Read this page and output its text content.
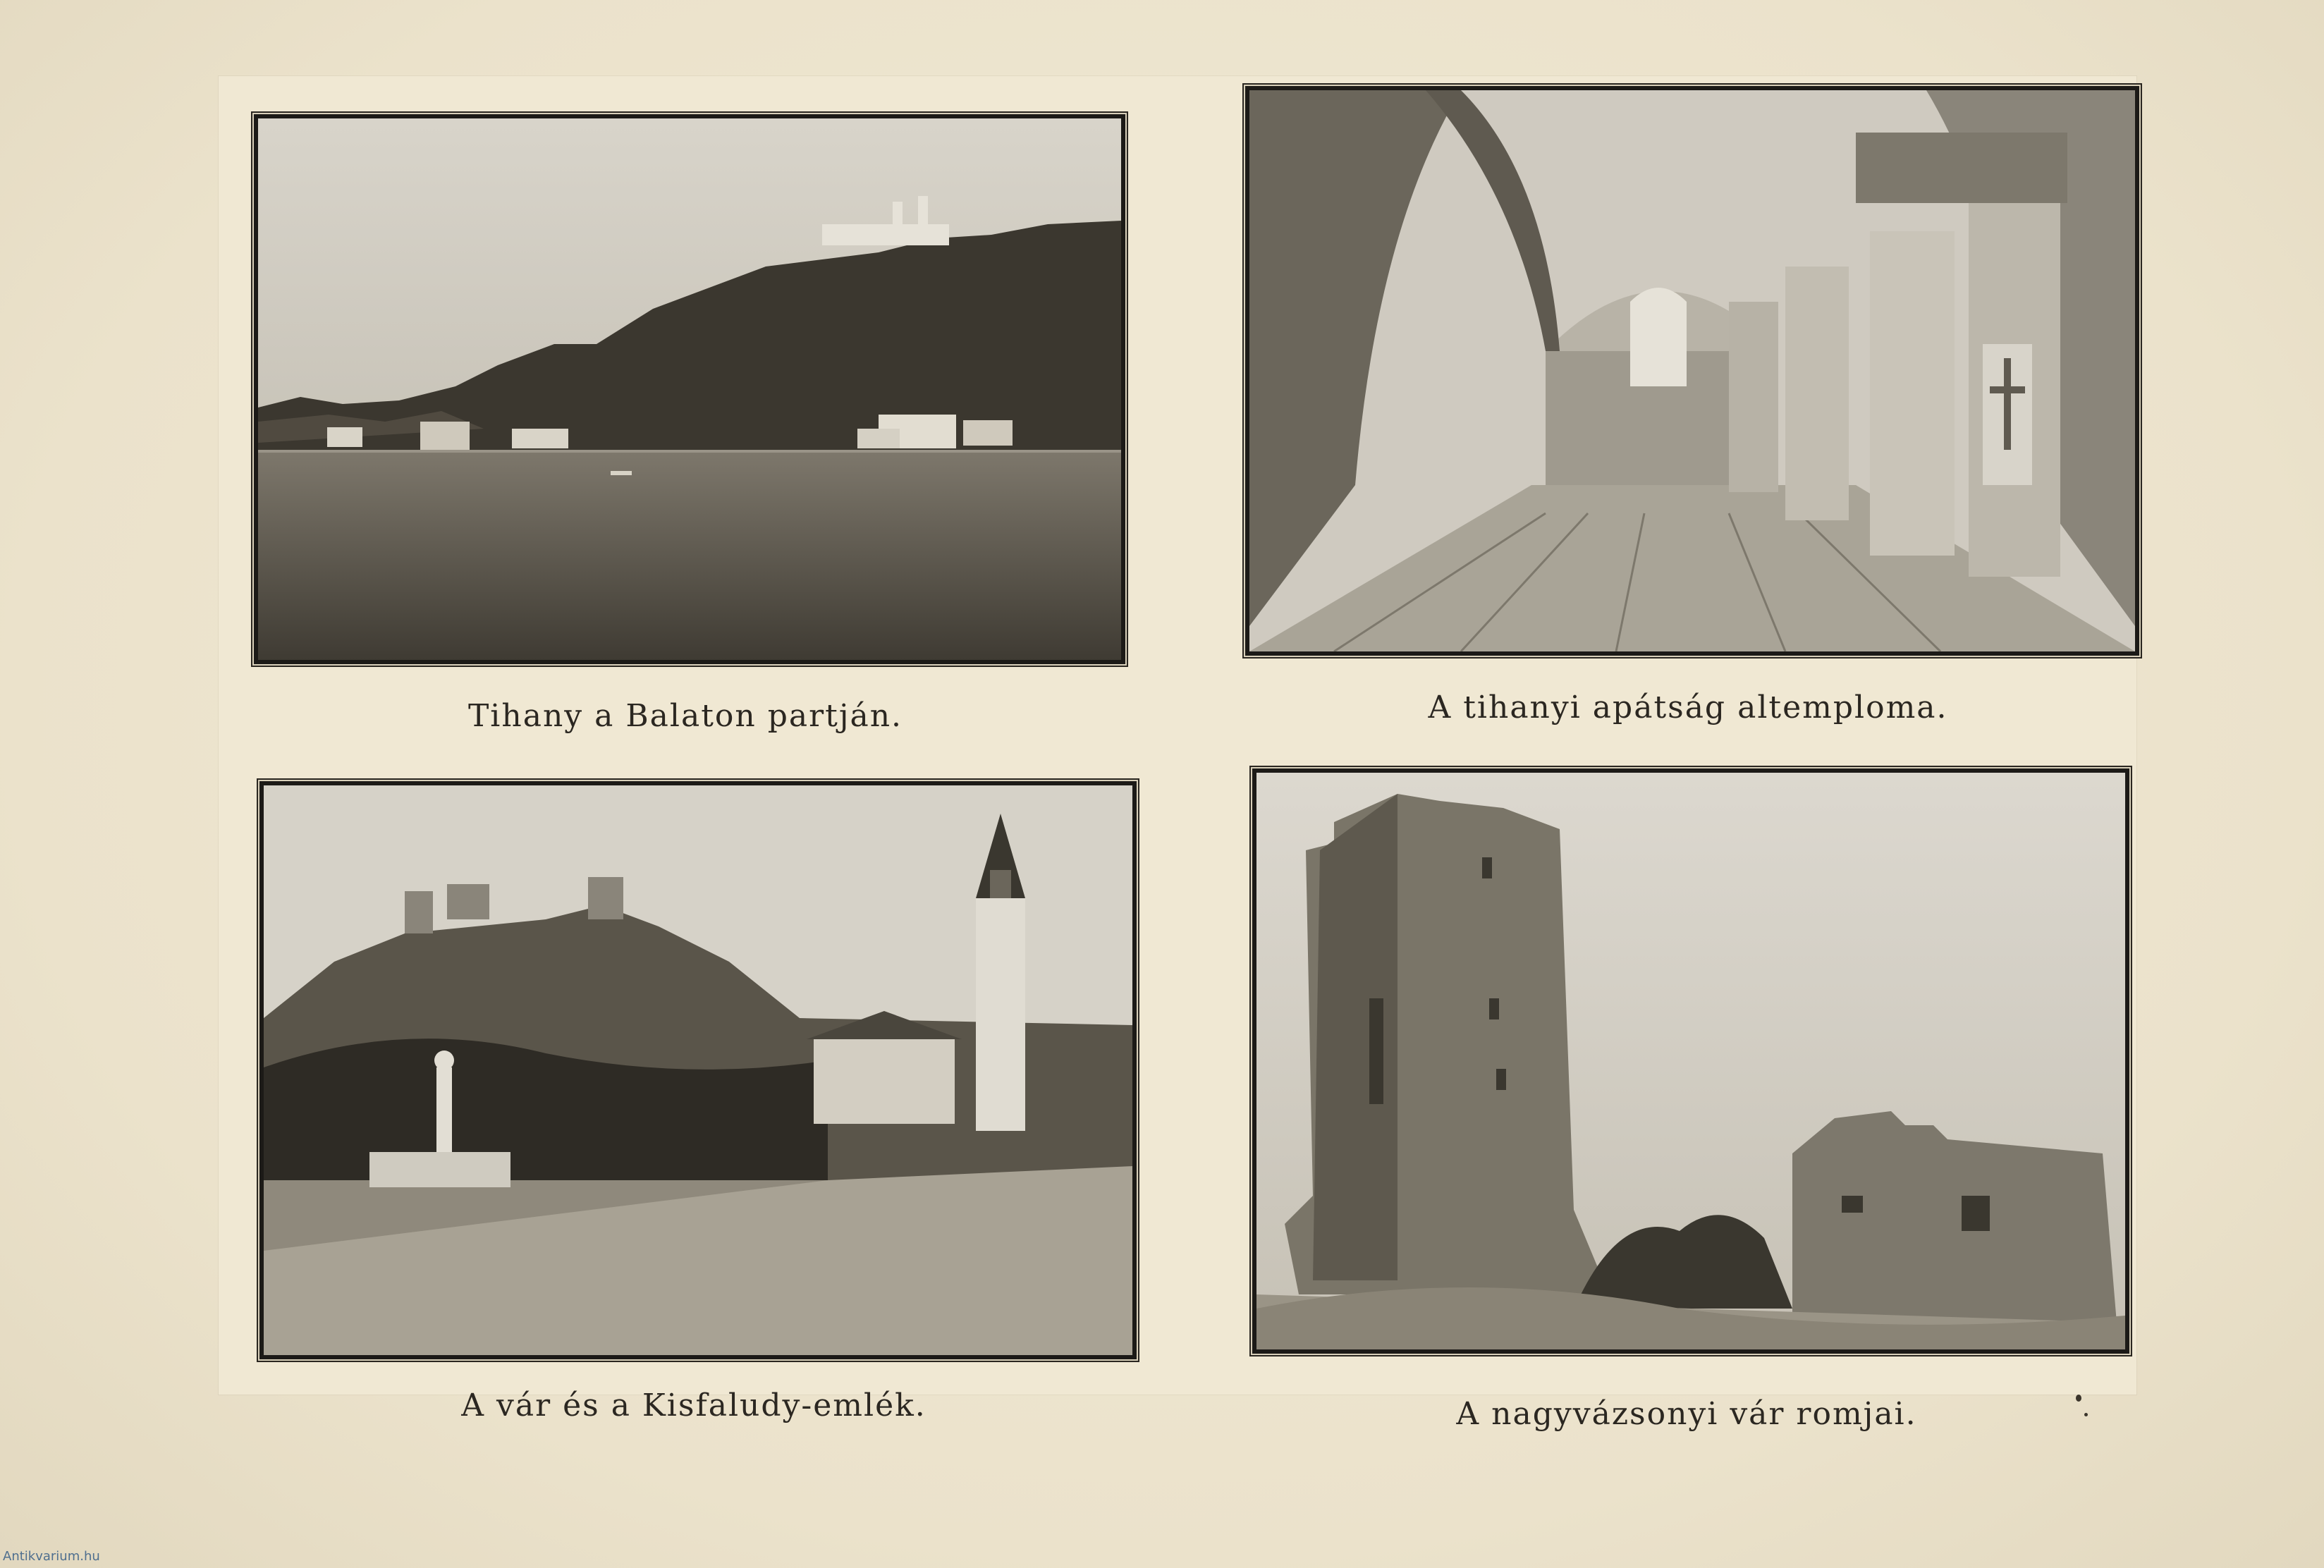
Tihany a Balaton partján.	A tihanyi apátság altemploma.
A vár és a Kisfaludy-emlék.	A nagyvázsonyi vár romjai.
Antikvarium.hu
